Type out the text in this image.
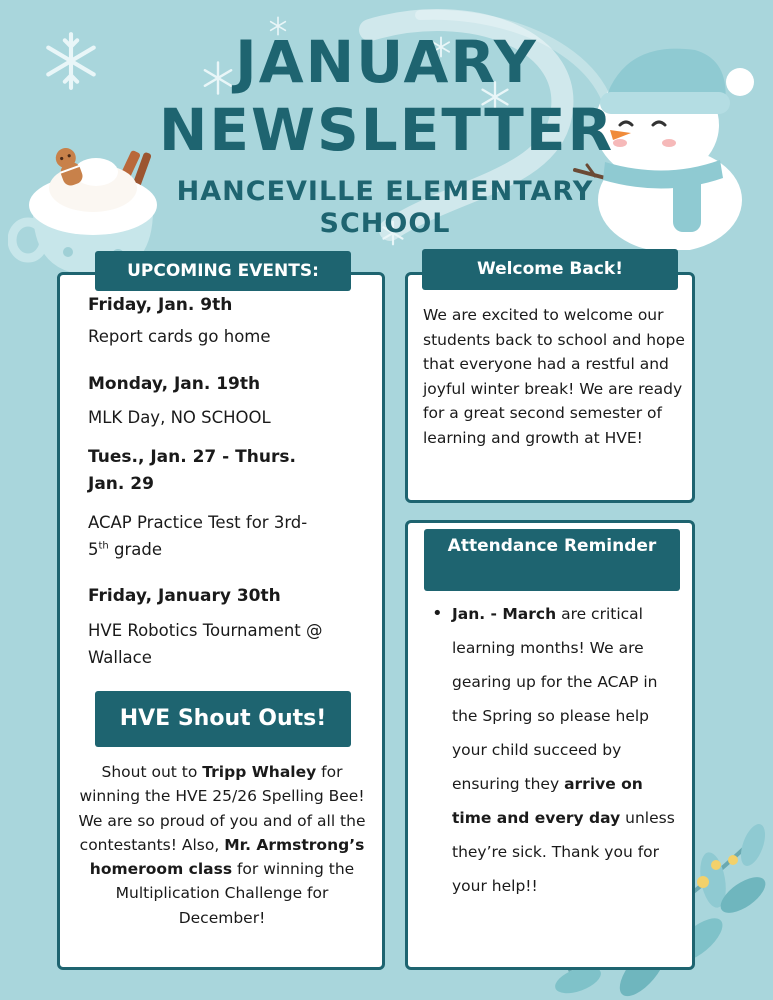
JANUARY
NEWSLETTER
HANCEVILLE ELEMENTARY SCHOOL
UPCOMING EVENTS:
Friday, Jan. 9th
Report cards go home
Monday, Jan. 19th
MLK Day, NO SCHOOL
Tues., Jan. 27 - Thurs. Jan. 29
ACAP Practice Test for 3rd-5th grade
Friday, January 30th
HVE Robotics Tournament @ Wallace
HVE Shout Outs!
Shout out to Tripp Whaley for winning the HVE 25/26 Spelling Bee! We are so proud of you and of all the contestants! Also, Mr. Armstrong’s homeroom class for winning the Multiplication Challenge for December!
Welcome Back!
We are excited to welcome our students back to school and hope that everyone had a restful and joyful winter break! We are ready for a great second semester of learning and growth at HVE!
Attendance Reminder
• Jan. - March are critical learning months! We are gearing up for the ACAP in the Spring so please help your child succeed by ensuring they arrive on time and every day unless they’re sick. Thank you for your help!!
